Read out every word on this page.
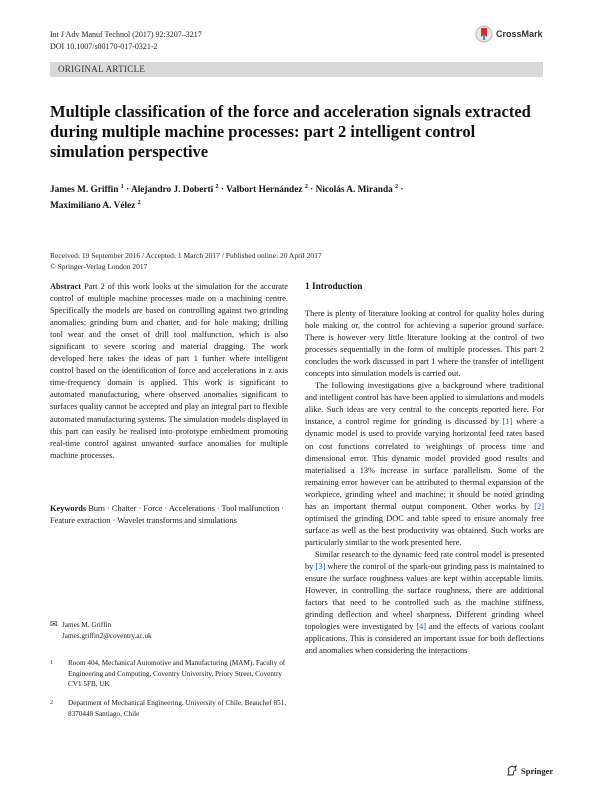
Int J Adv Manuf Technol (2017) 92:3207–3217
DOI 10.1007/s00170-017-0321-2
CrossMark
ORIGINAL ARTICLE
Multiple classification of the force and acceleration signals extracted during multiple machine processes: part 2 intelligent control simulation perspective
James M. Griffin $^1$ · Alejandro J. Doberti $^2$ · Valbort Hernández $^2$ · Nicolás A. Miranda $^2$ ·
Maximiliano A. Vélez $^2$
Received: 19 September 2016 / Accepted: 1 March 2017 / Published online: 20 April 2017
© Springer-Verlag London 2017

Abstract Part 2 of this work looks at the simulation for the accurate control of multiple machine processes made on a machining centre. Specifically the models are based on controlling against two grinding anomalies; grinding burn and chatter, and for hole making; drilling tool wear and the onset of drill tool malfunction, which is also significant to severe scoring and material dragging. The work developed here takes the ideas of part 1 further where intelligent control based on the identification of force and accelerations in z axis time-frequency domain is applied. This work is significant to automated manufacturing, where observed anomalies significant to surfaces quality cannot be accepted and play an integral part to flexible automated manufacturing systems. The simulation models displayed in this part can easily be realised into prototype embedment promoting real-time control against unwanted surface anomalies for multiple machine processes.

Keywords Burn · Chatter · Force · Accelerations · Tool malfunction · Feature extraction · Wavelet transforms and simulations
✉ James M. Griffin
James.griffin2@coventry.ac.uk
1	Room 404, Mechanical Automotive and Manufacturing (MAM), Faculty of Engineering and Computing, Coventry University, Priory Street, Coventry CV1 5FB, UK
2	Department of Mechanical Engineering, University of Chile, Beauchef 851, 8370448 Santiago, Chile
1 Introduction

There is plenty of literature looking at control for quality holes during hole making or, the control for achieving a superior ground surface. There is however very little literature looking at the control of two processes sequentially in the form of multiple processes. This part 2 concludes the work discussed in part 1 where the transfer of intelligent concepts into simulation models is carried out.

The following investigations give a background where traditional and intelligent control has have been applied to simulations and models alike. Such ideas are very central to the concepts reported here. For instance, a control regime for grinding is discussed by [1] where a dynamic model is used to provide varying horizontal feed rates based on cost functions correlated to weightings of process time and dimensional error. This dynamic model provided good results and materialised a 13% increase in surface parallelism. Some of the remaining error however can be attributed to thermal expansion of the workpiece, grinding wheel and machine; it should be noted grinding has an important thermal output component. Other works by [2] optimised the grinding DOC and table speed to ensure anomaly free surface as well as the best productivity was obtained. Such works are particularly similar to the work presented here.

Similar research to the dynamic feed rate control model is presented by [3] where the control of the spark-out grinding pass is maintained to ensure the surface roughness values are kept within acceptable limits. However, in controlling the surface roughness, there are additional factors that need to be controlled such as the machine stiffness, grinding deflection and wheel sharpness. Different grinding wheel topologies were investigated by [4] and the effects of various coolant applications. This is considered an important issue for both deflections and anomalies when considering the interactions

Springer
